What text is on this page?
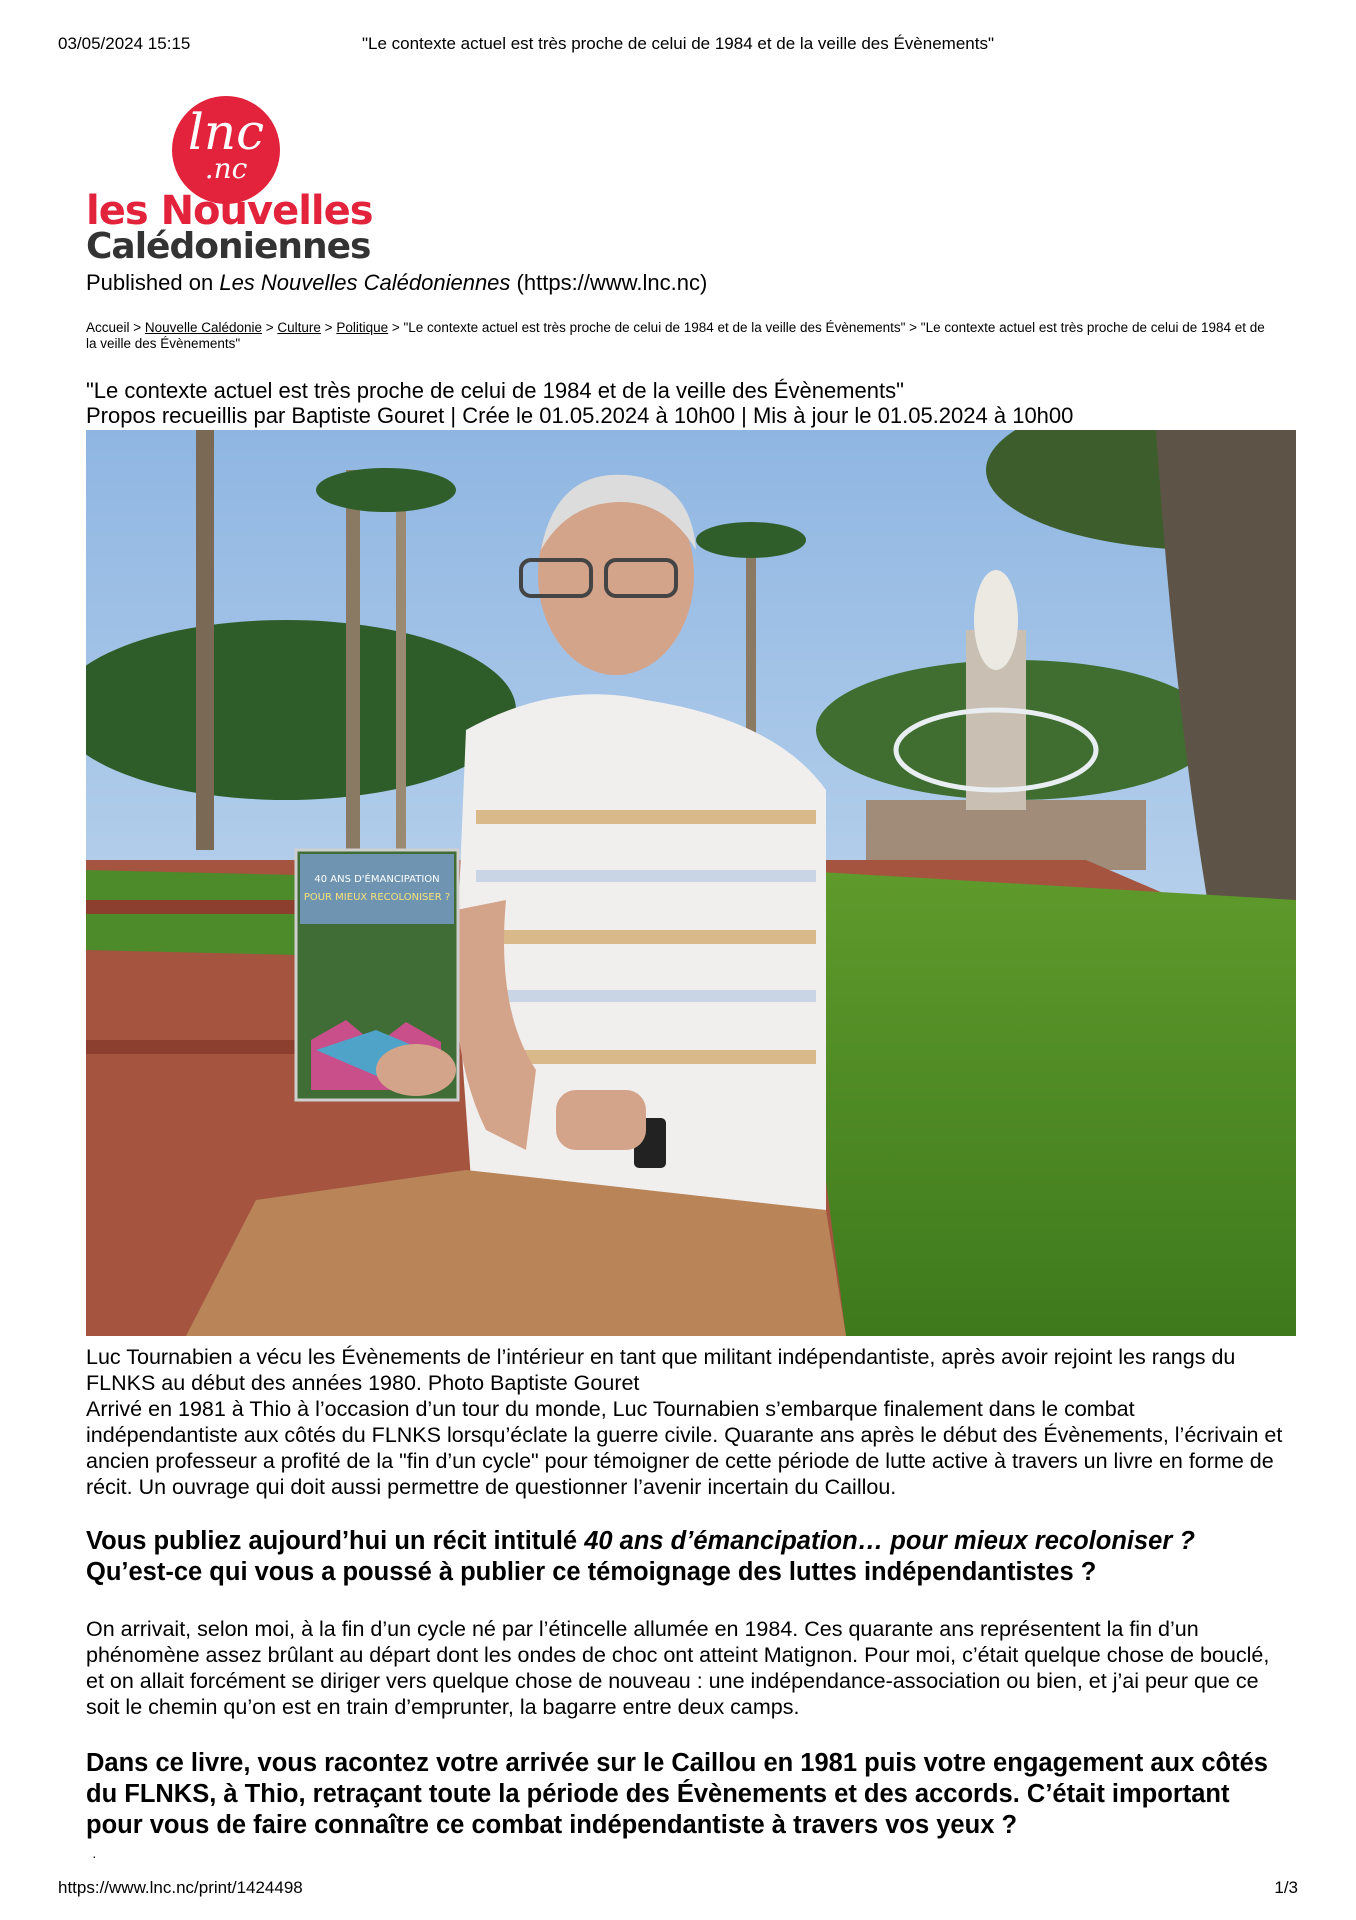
03/05/2024 15:15	"Le contexte actuel est très proche de celui de 1984 et de la veille des Évènements"
lnc
.nc
les Nouvelles
Calédoniennes
Published on Les Nouvelles Calédoniennes (https://www.lnc.nc)
Accueil > Nouvelle Calédonie > Culture > Politique > "Le contexte actuel est très proche de celui de 1984 et de la veille des Évènements" > "Le contexte actuel est très proche de celui de 1984 et de la veille des Évènements"
"Le contexte actuel est très proche de celui de 1984 et de la veille des Évènements"
Propos recueillis par Baptiste Gouret | Crée le 01.05.2024 à 10h00 | Mis à jour le 01.05.2024 à 10h00
40 ANS D'ÉMANCIPATION
POUR MIEUX RECOLONISER ?
Luc Tournabien a vécu les Évènements de l’intérieur en tant que militant indépendantiste, après avoir rejoint les rangs du FLNKS au début des années 1980. Photo Baptiste Gouret
Arrivé en 1981 à Thio à l’occasion d’un tour du monde, Luc Tournabien s’embarque finalement dans le combat indépendantiste aux côtés du FLNKS lorsqu’éclate la guerre civile. Quarante ans après le début des Évènements, l’écrivain et ancien professeur a profité de la "fin d’un cycle" pour témoigner de cette période de lutte active à travers un livre en forme de récit. Un ouvrage qui doit aussi permettre de questionner l’avenir incertain du Caillou.
Vous publiez aujourd’hui un récit intitulé 40 ans d’émancipation… pour mieux recoloniser ? Qu’est-ce qui vous a poussé à publier ce témoignage des luttes indépendantistes ?
On arrivait, selon moi, à la fin d’un cycle né par l’étincelle allumée en 1984. Ces quarante ans représentent la fin d’un phénomène assez brûlant au départ dont les ondes de choc ont atteint Matignon. Pour moi, c’était quelque chose de bouclé, et on allait forcément se diriger vers quelque chose de nouveau : une indépendance-association ou bien, et j’ai peur que ce soit le chemin qu’on est en train d’emprunter, la bagarre entre deux camps.
Dans ce livre, vous racontez votre arrivée sur le Caillou en 1981 puis votre engagement aux côtés du FLNKS, à Thio, retraçant toute la période des Évènements et des accords. C’était important pour vous de faire connaître ce combat indépendantiste à travers vos yeux ?
·
https://www.lnc.nc/print/1424498	1/3
